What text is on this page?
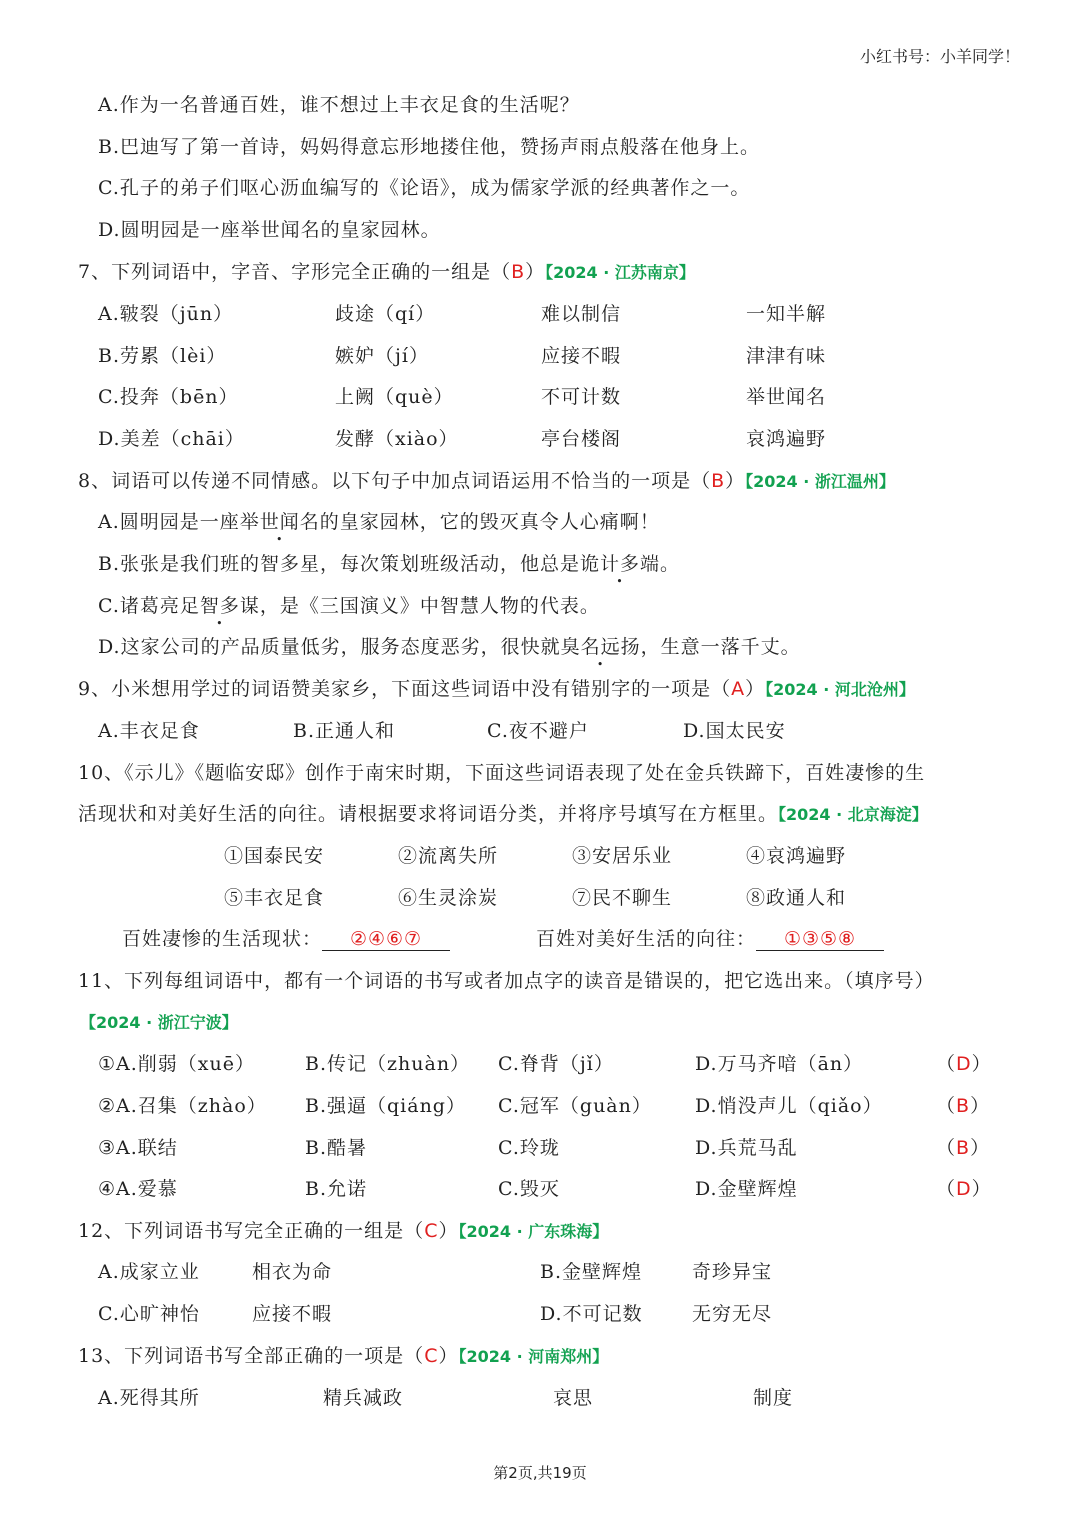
小红书号：小羊同学！
A.作为一名普通百姓，谁不想过上丰衣足食的生活呢？
B.巴迪写了第一首诗，妈妈得意忘形地搂住他，赞扬声雨点般落在他身上。
C.孔子的弟子们呕心沥血编写的《论语》，成为儒家学派的经典著作之一。
D.圆明园是一座举世闻名的皇家园林。
7、下列词语中，字音、字形完全正确的一组是（B）【2024 · 江苏南京】
A.皲裂（jūn）	歧途（qí）	难以制信	一知半解
B.劳累（lèi）	嫉妒（jí）	应接不暇	津津有味
C.投奔（bēn）	上阙（què）	不可计数	举世闻名
D.美差（chāi）	发酵（xiào）	亭台楼阁	哀鸿遍野
8、词语可以传递不同情感。以下句子中加点词语运用不恰当的一项是（B）【2024 · 浙江温州】
A.圆明园是一座举世闻名的皇家园林，它的毁灭真令人心痛啊！
B.张张是我们班的智多星，每次策划班级活动，他总是诡计多端。
C.诸葛亮足智多谋，是《三国演义》中智慧人物的代表。
D.这家公司的产品质量低劣，服务态度恶劣，很快就臭名远扬，生意一落千丈。
9、小米想用学过的词语赞美家乡，下面这些词语中没有错别字的一项是（A）【2024 · 河北沧州】
A.丰衣足食	B.正通人和	C.夜不避户	D.国太民安
10、《示儿》《题临安邸》创作于南宋时期，下面这些词语表现了处在金兵铁蹄下，百姓凄惨的生
活现状和对美好生活的向往。请根据要求将词语分类，并将序号填写在方框里。【2024 · 北京海淀】
①国泰民安	②流离失所	③安居乐业	④哀鸿遍野
⑤丰衣足食	⑥生灵涂炭	⑦民不聊生	⑧政通人和
百姓凄惨的生活现状： ②④⑥⑦	百姓对美好生活的向往： ①③⑤⑧
11、下列每组词语中，都有一个词语的书写或者加点字的读音是错误的，把它选出来。（填序号）
【2024 · 浙江宁波】
①A.削弱（xuē）	B.传记（zhuàn） C.脊背（jǐ）	D.万马齐喑（ān）	（D）
②A.召集（zhào） B.强逼（qiáng） C.冠军（guàn） D.悄没声儿（qiǎo）	（B）
③A.联结	B.酷暑	C.玲珑	D.兵荒马乱	（B）
④A.爱慕	B.允诺	C.毁灭	D.金壁辉煌	（D）
12、下列词语书写完全正确的一组是（C）【2024 · 广东珠海】
A.成家立业	相衣为命	B.金壁辉煌	奇珍异宝
C.心旷神怡	应接不暇	D.不可记数	无穷无尽
13、下列词语书写全部正确的一项是（C）【2024 · 河南郑州】
A.死得其所	精兵减政	哀思	制度
第2页,共19页
